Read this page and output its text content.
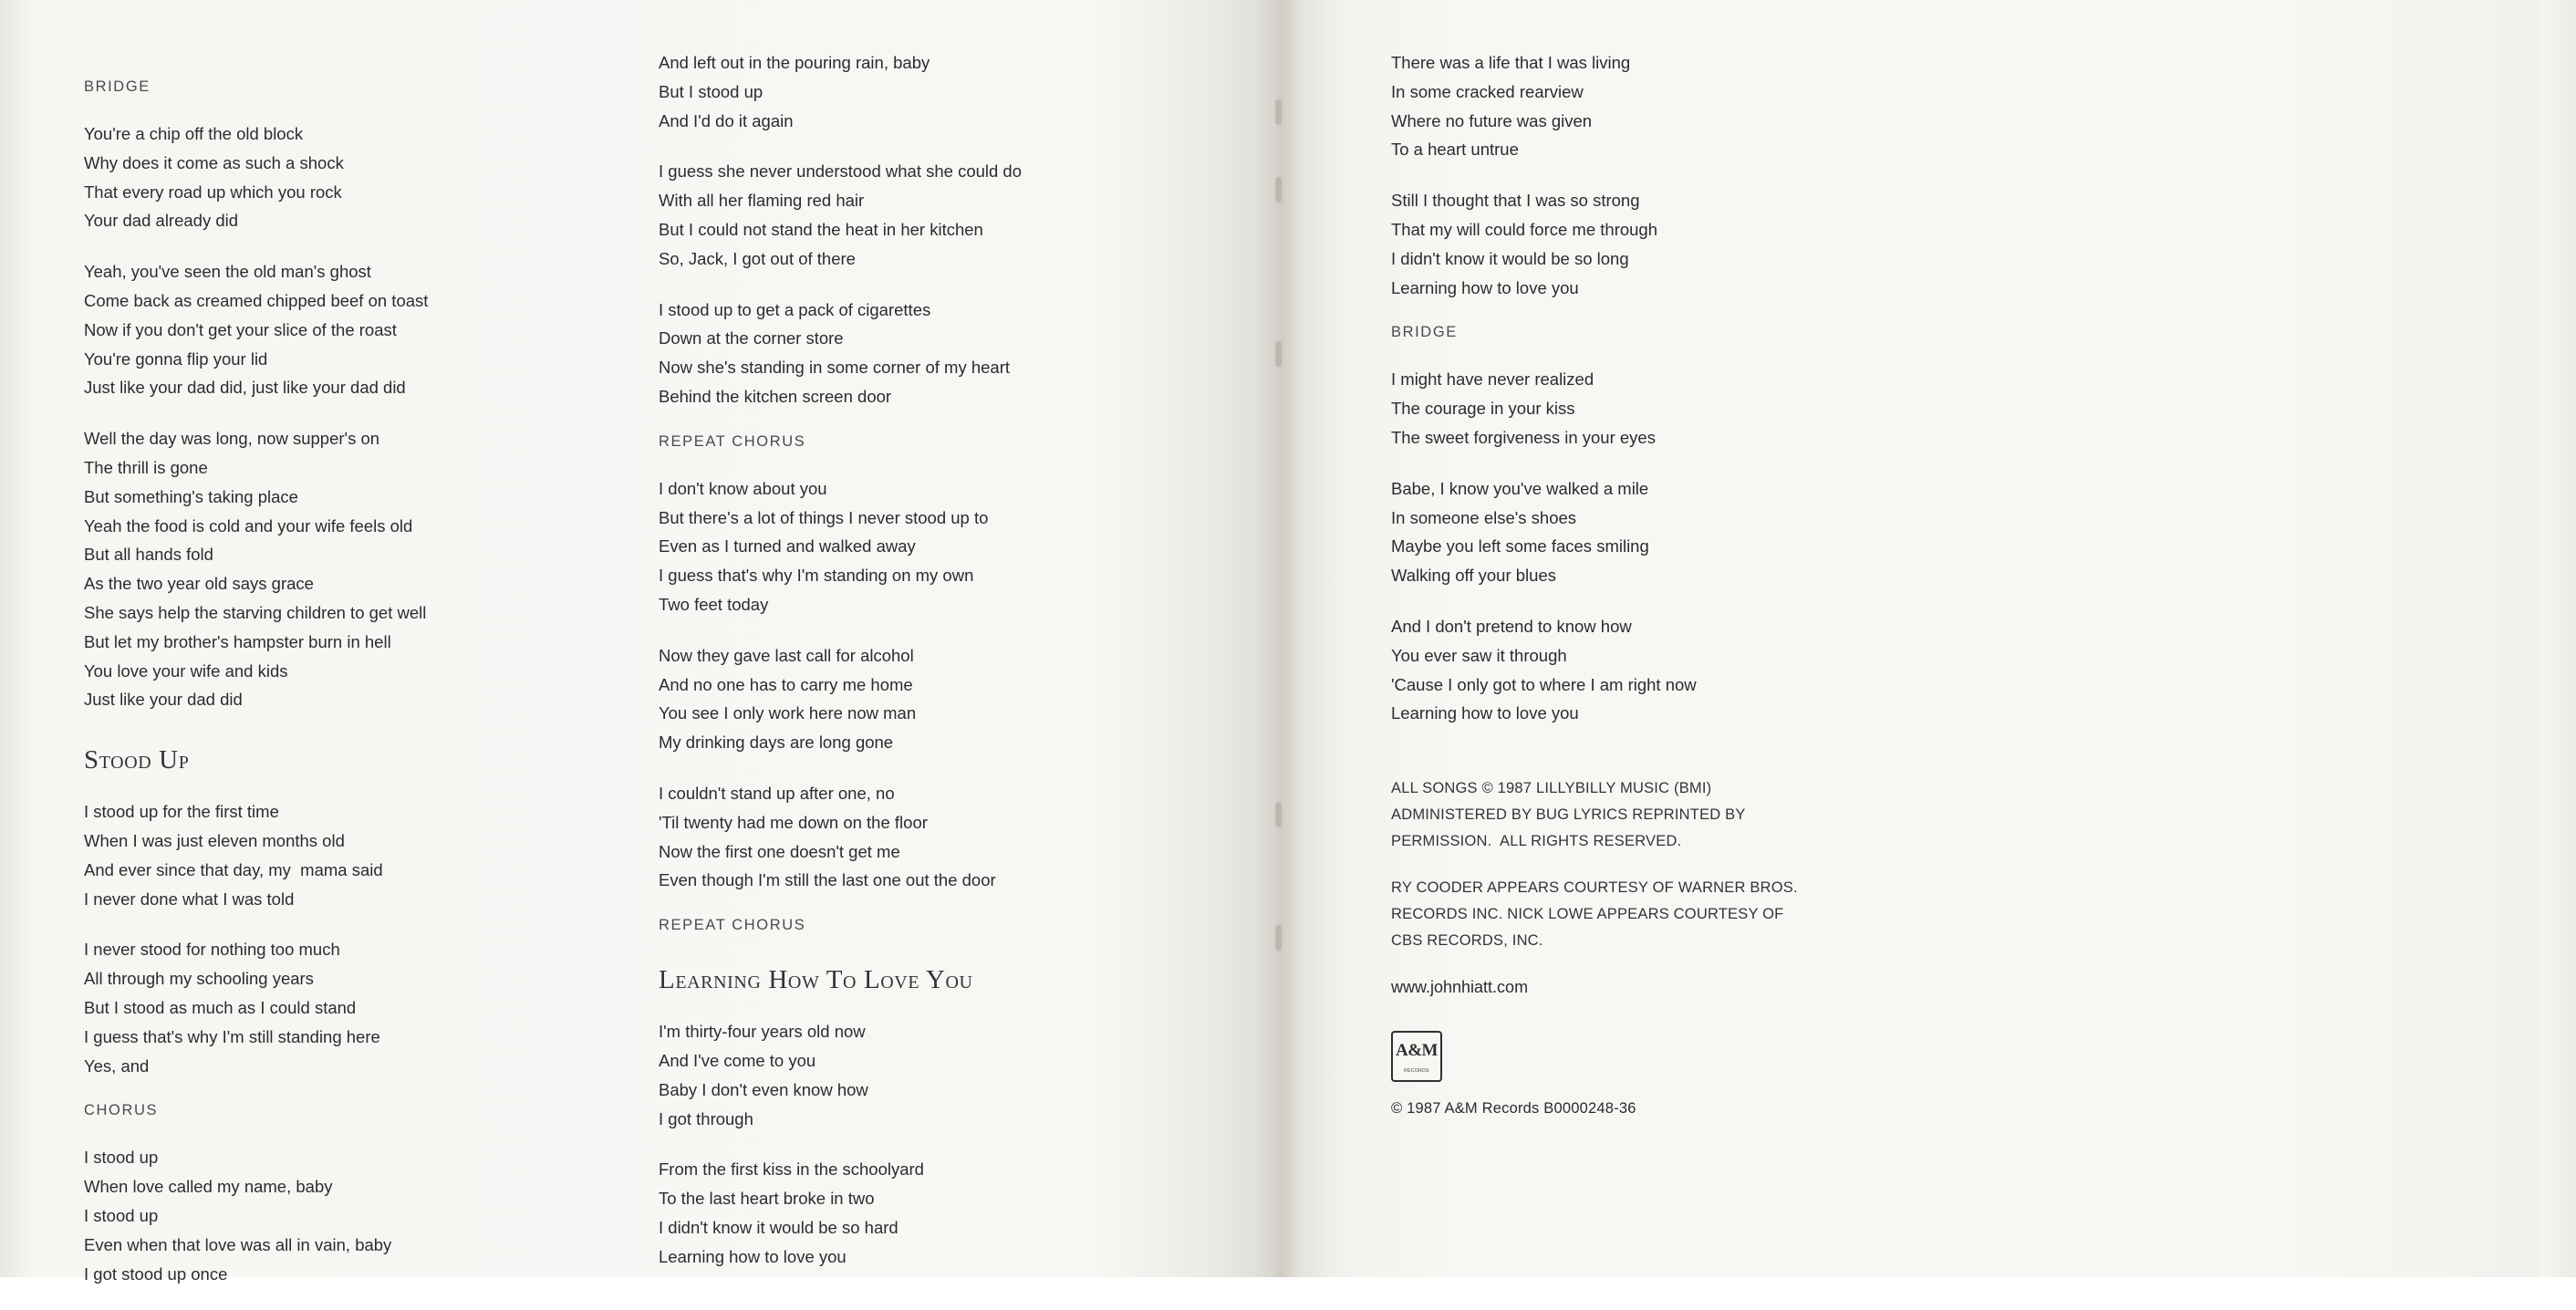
BRIDGE
You're a chip off the old block
Why does it come as such a shock
That every road up which you rock
Your dad already did
Yeah, you've seen the old man's ghost
Come back as creamed chipped beef on toast
Now if you don't get your slice of the roast
You're gonna flip your lid
Just like your dad did, just like your dad did
Well the day was long, now supper's on
The thrill is gone
But something's taking place
Yeah the food is cold and your wife feels old
But all hands fold
As the two year old says grace
She says help the starving children to get well
But let my brother's hampster burn in hell
You love your wife and kids
Just like your dad did
Stood Up
I stood up for the first time
When I was just eleven months old
And ever since that day, my  mama said
I never done what I was told
I never stood for nothing too much
All through my schooling years
But I stood as much as I could stand
I guess that's why I'm still standing here
Yes, and
CHORUS
I stood up
When love called my name, baby
I stood up
Even when that love was all in vain, baby
I got stood up once
And left out in the pouring rain, baby
But I stood up
And I'd do it again
I guess she never understood what she could do
With all her flaming red hair
But I could not stand the heat in her kitchen
So, Jack, I got out of there
I stood up to get a pack of cigarettes
Down at the corner store
Now she's standing in some corner of my heart
Behind the kitchen screen door
REPEAT CHORUS
I don't know about you
But there's a lot of things I never stood up to
Even as I turned and walked away
I guess that's why I'm standing on my own
Two feet today
Now they gave last call for alcohol
And no one has to carry me home
You see I only work here now man
My drinking days are long gone
I couldn't stand up after one, no
'Til twenty had me down on the floor
Now the first one doesn't get me
Even though I'm still the last one out the door
REPEAT CHORUS
Learning How To Love You
I'm thirty-four years old now
And I've come to you
Baby I don't even know how
I got through
From the first kiss in the schoolyard
To the last heart broke in two
I didn't know it would be so hard
Learning how to love you
There was a life that I was living
In some cracked rearview
Where no future was given
To a heart untrue
Still I thought that I was so strong
That my will could force me through
I didn't know it would be so long
Learning how to love you
BRIDGE
I might have never realized
The courage in your kiss
The sweet forgiveness in your eyes
Babe, I know you've walked a mile
In someone else's shoes
Maybe you left some faces smiling
Walking off your blues
And I don't pretend to know how
You ever saw it through
'Cause I only got to where I am right now
Learning how to love you
ALL SONGS © 1987 LILLYBILLY MUSIC (BMI)
ADMINISTERED BY BUG LYRICS REPRINTED BY
PERMISSION.  ALL RIGHTS RESERVED.
RY COODER APPEARS COURTESY OF WARNER BROS.
RECORDS INC. NICK LOWE APPEARS COURTESY OF
CBS RECORDS, INC.
www.johnhiatt.com
A&M
RECORDS
© 1987 A&M Records B0000248-36
